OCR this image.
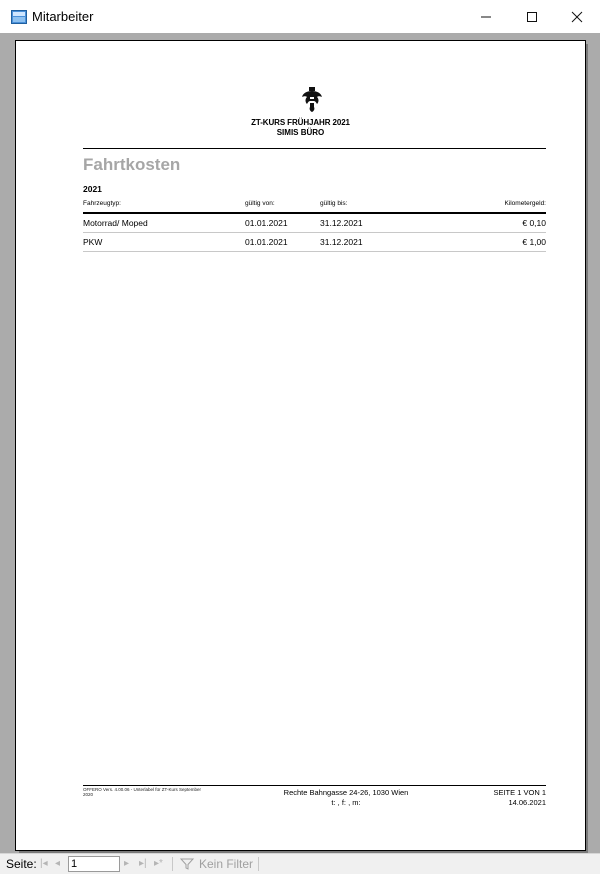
Mitarbeiter
ZT-KURS FRÜHJAHR 2021
SIMIS BÜRO
Fahrtkosten
2021
Fahrzeugtyp:	gültig von:	gültig bis:	Kilometergeld:
Motorrad/ Moped	01.01.2021	31.12.2021	€ 0,10
PKW	01.01.2021	31.12.2021	€ 1,00
OFFERO Vers. 4.00.06 - Unterlabel für ZT-Kurs September 2020	Rechte Bahngasse 24-26, 1030 Wien
t: , f: , m:
SEITE 1 VON 1
14.06.2021
Seite: |◂ ◂ 1	▸ ▸| ▸*	Kein Filter
